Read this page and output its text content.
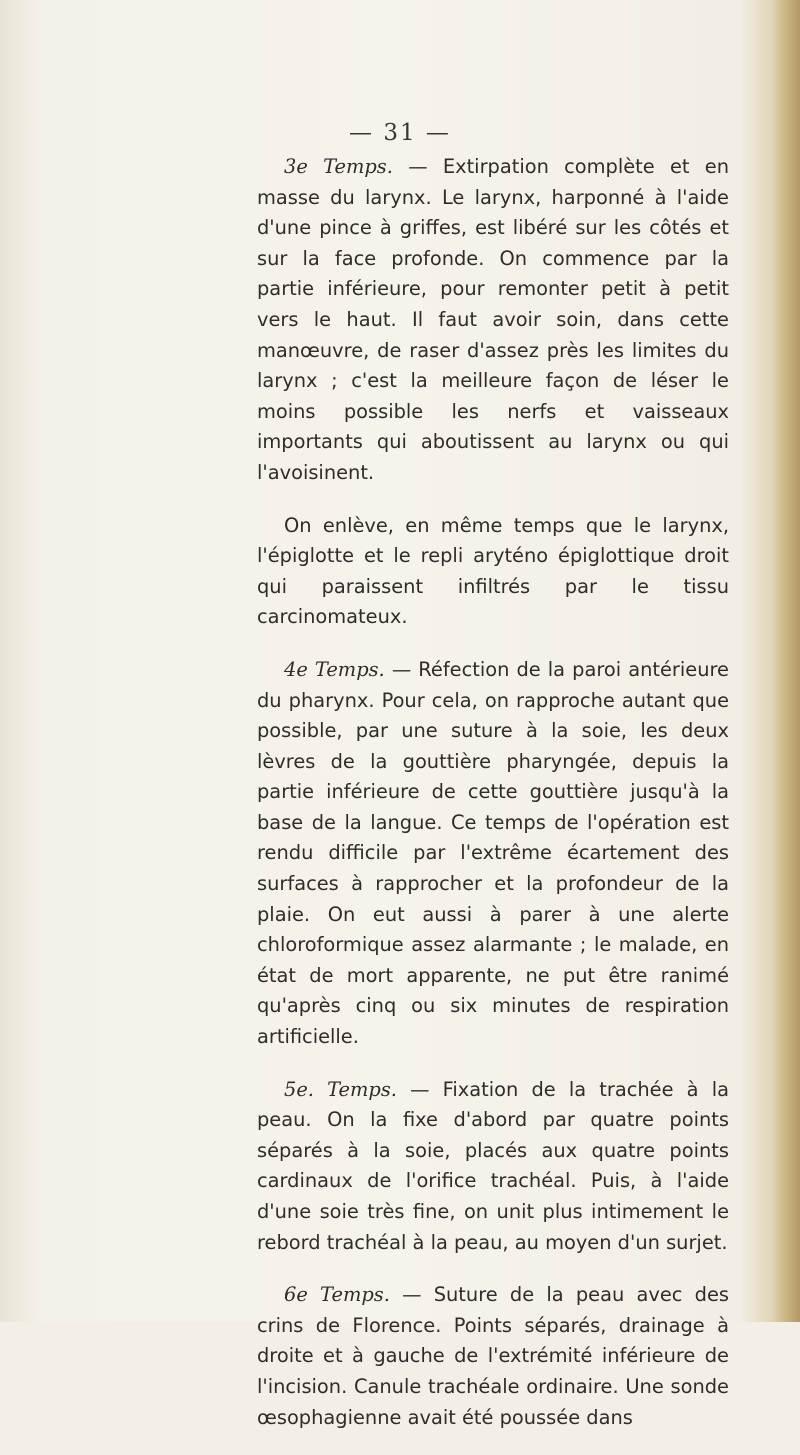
— 31 —

3e Temps. — Extirpation complète et en masse du larynx. Le larynx, harponné à l'aide d'une pince à griffes, est libéré sur les côtés et sur la face profonde. On commence par la partie inférieure, pour remonter petit à petit vers le haut. Il faut avoir soin, dans cette manœuvre, de raser d'assez près les limites du larynx ; c'est la meilleure façon de léser le moins possible les nerfs et vaisseaux importants qui aboutissent au larynx ou qui l'avoisinent.

On enlève, en même temps que le larynx, l'épiglotte et le repli aryténo épiglottique droit qui paraissent infiltrés par le tissu carcinomateux.

4e Temps. — Réfection de la paroi antérieure du pharynx. Pour cela, on rapproche autant que possible, par une suture à la soie, les deux lèvres de la gouttière pharyngée, depuis la partie inférieure de cette gouttière jusqu'à la base de la langue. Ce temps de l'opération est rendu difficile par l'extrême écartement des surfaces à rapprocher et la profondeur de la plaie. On eut aussi à parer à une alerte chloroformique assez alarmante ; le malade, en état de mort apparente, ne put être ranimé qu'après cinq ou six minutes de respiration artificielle.

5e. Temps. — Fixation de la trachée à la peau. On la fixe d'abord par quatre points séparés à la soie, placés aux quatre points cardinaux de l'orifice trachéal. Puis, à l'aide d'une soie très fine, on unit plus intimement le rebord trachéal à la peau, au moyen d'un surjet.

6e Temps. — Suture de la peau avec des crins de Florence. Points séparés, drainage à droite et à gauche de l'extrémité inférieure de l'incision. Canule trachéale ordinaire. Une sonde œsophagienne avait été poussée dans
